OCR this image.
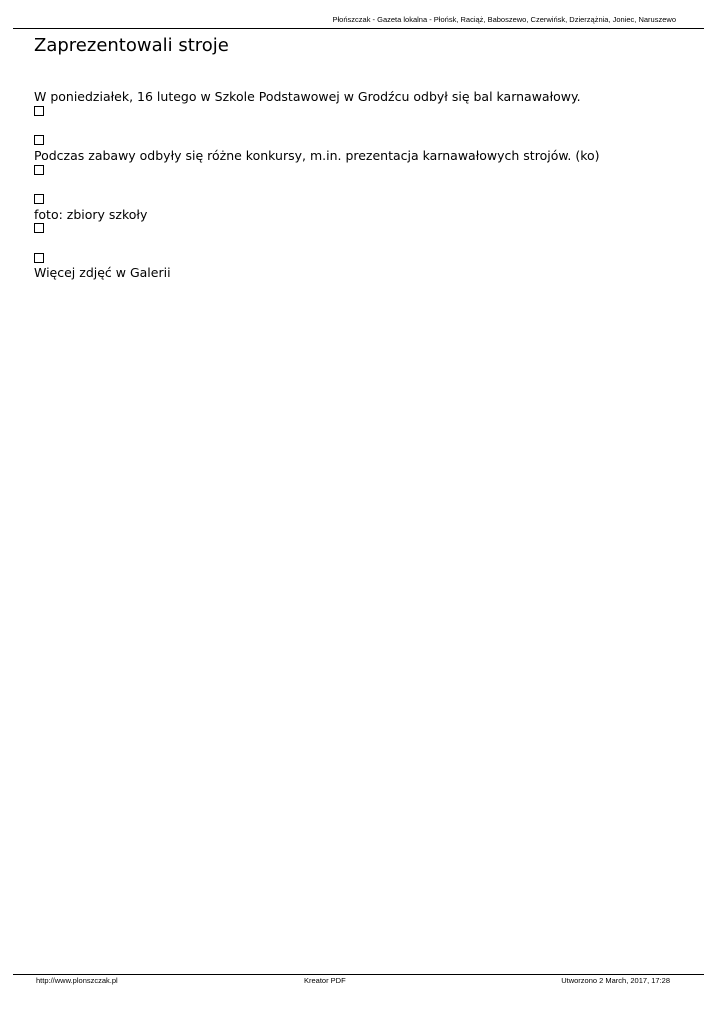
Płońszczak - Gazeta lokalna - Płońsk, Raciąż, Baboszewo, Czerwińsk, Dzierzążnia, Joniec, Naruszewo
Zaprezentowali stroje
W poniedziałek, 16 lutego w Szkole Podstawowej w Grodźcu odbył się bal karnawałowy.
Podczas zabawy odbyły się różne konkursy, m.in. prezentacja karnawałowych strojów. (ko)
foto: zbiory szkoły
Więcej zdjęć w Galerii
http://www.plonszczak.pl	Kreator PDF	Utworzono 2 March, 2017, 17:28
